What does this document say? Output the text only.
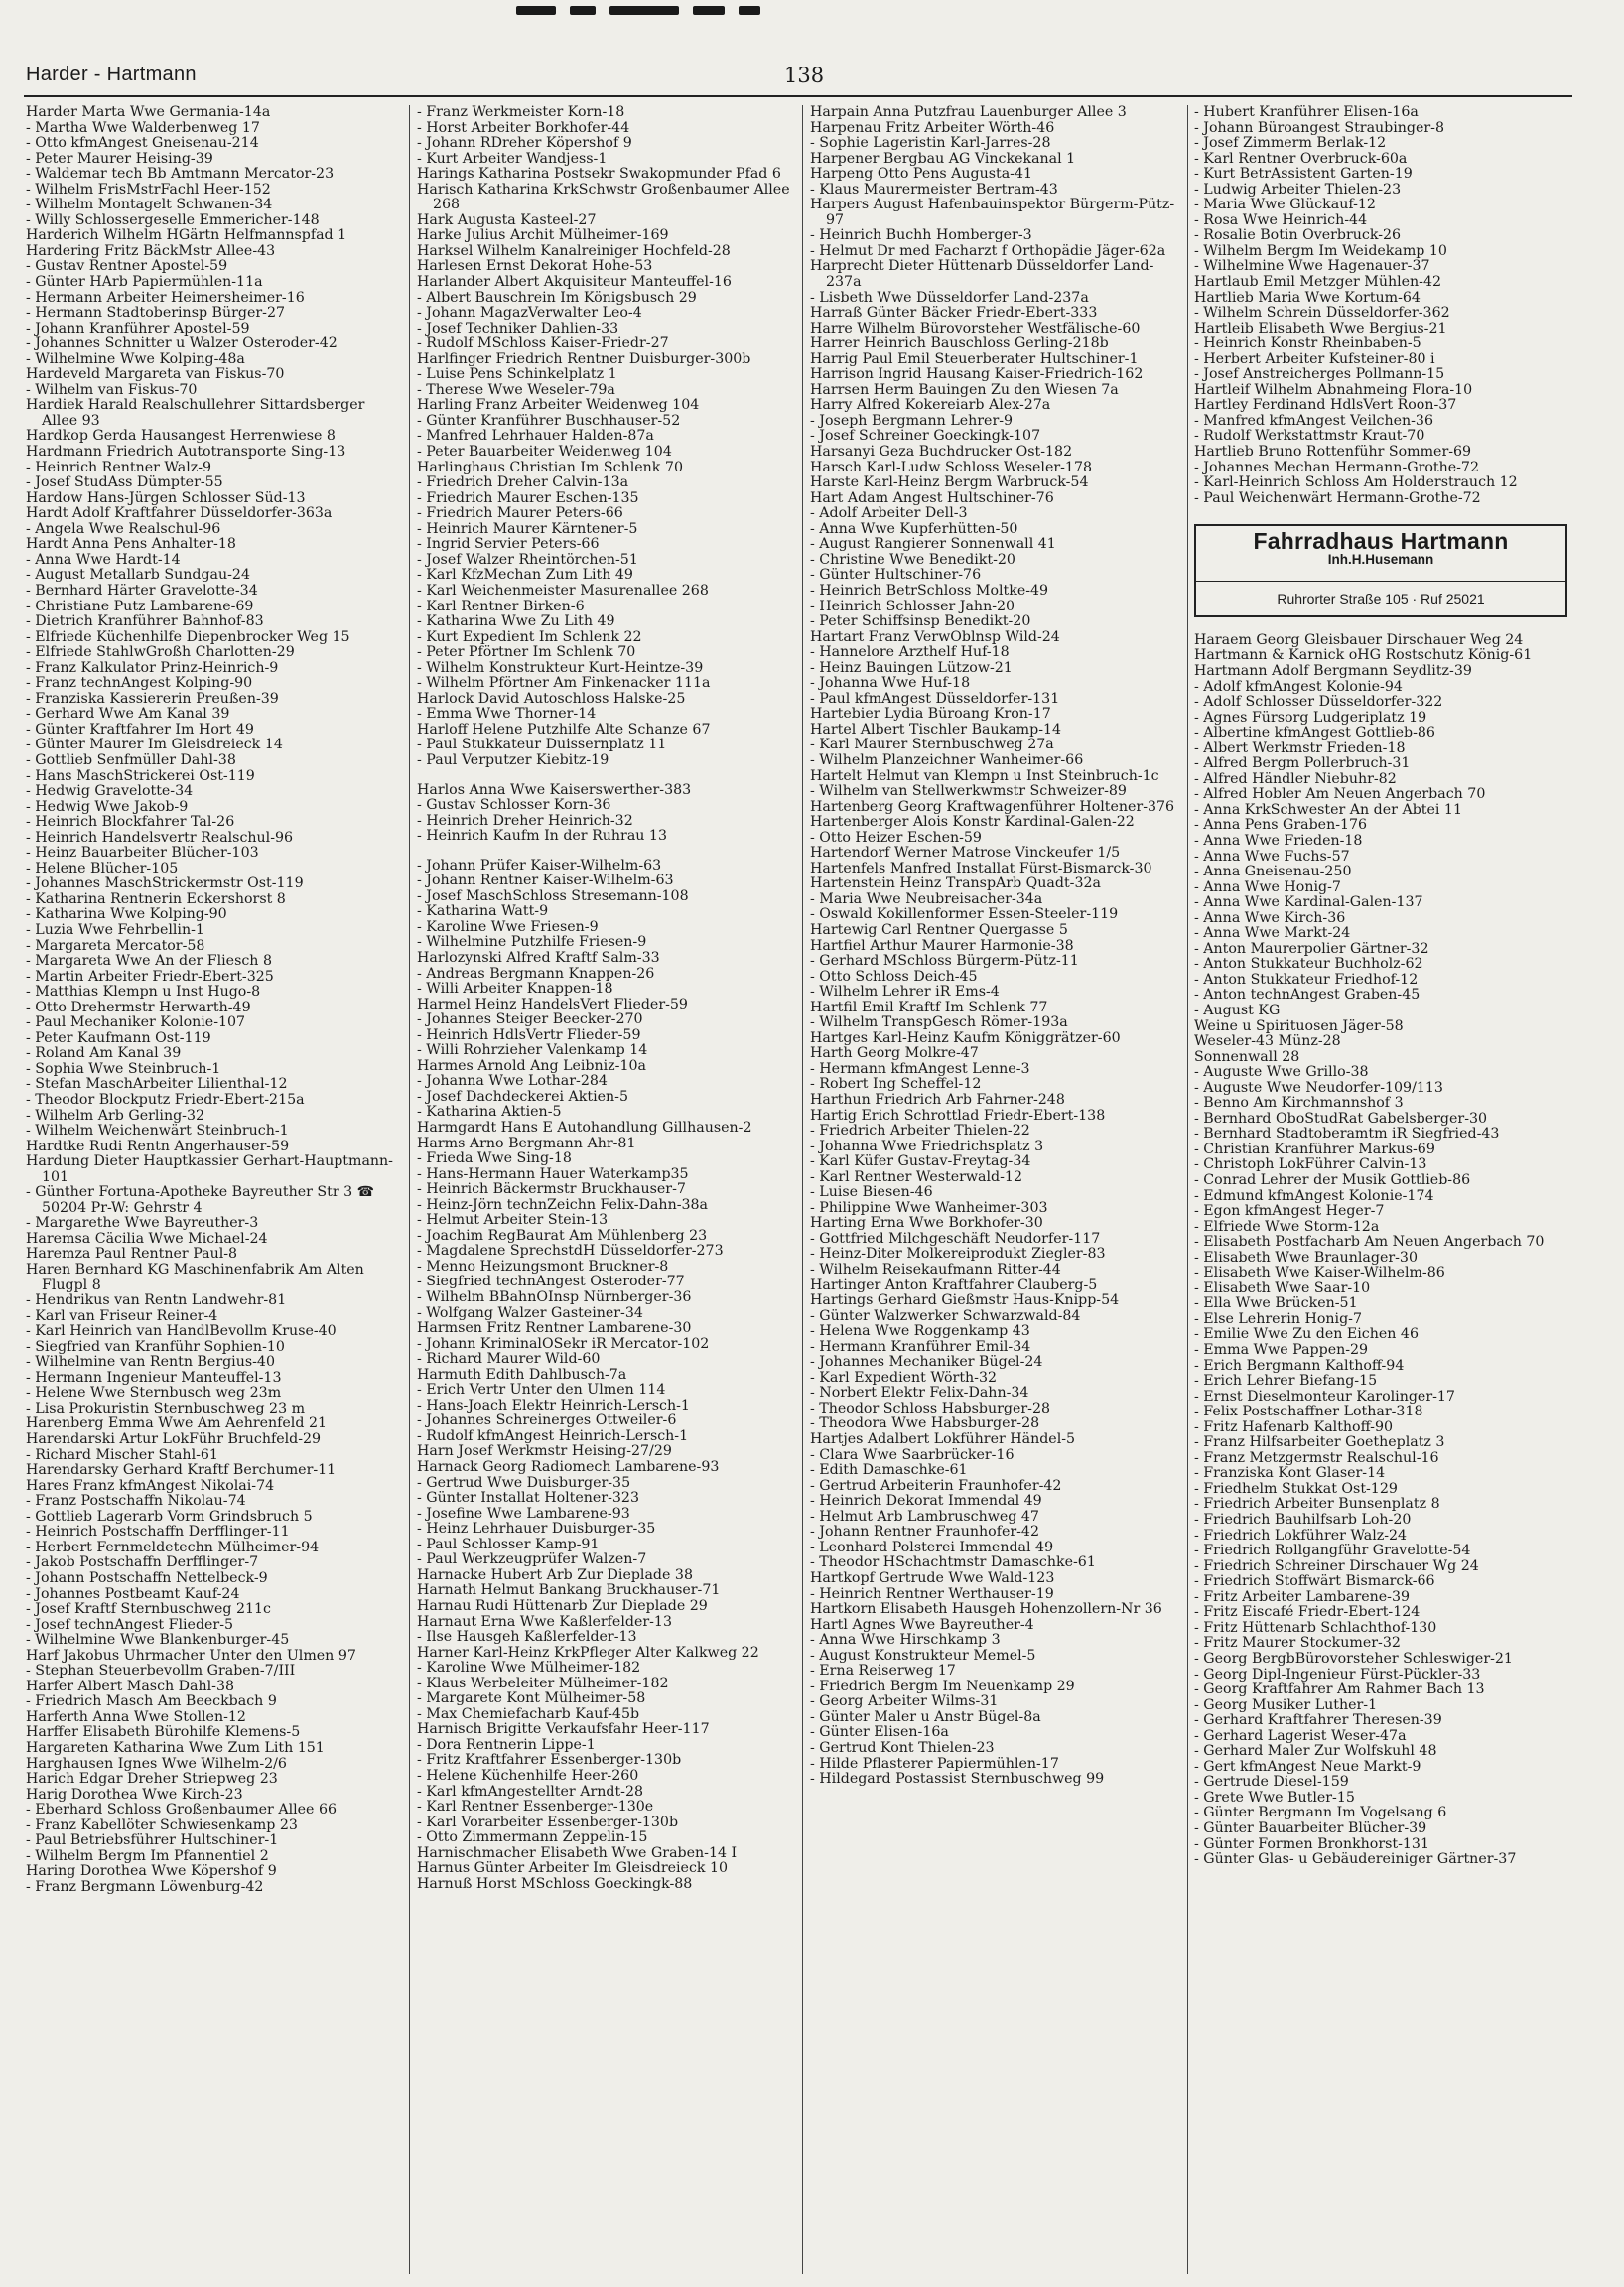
Harder - Hartmann	138
Harder Marta Wwe Germania-14a
- Martha Wwe Walderbenweg 17
- Otto kfmAngest Gneisenau-214
- Peter Maurer Heising-39
- Waldemar tech Bb Amtmann Mercator-23
- Wilhelm FrisMstrFachl Heer-152
- Wilhelm Montagelt Schwanen-34
- Willy Schlossergeselle Emmericher-148
Harderich Wilhelm HGärtn Helfmannspfad 1
Hardering Fritz BäckMstr Allee-43
- Gustav Rentner Apostel-59
- Günter HArb Papiermühlen-11a
- Hermann Arbeiter Heimersheimer-16
- Hermann Stadtoberinsp Bürger-27
- Johann Kranführer Apostel-59
- Johannes Schnitter u Walzer Osteroder-42
- Wilhelmine Wwe Kolping-48a
Hardeveld Margareta van Fiskus-70
- Wilhelm van Fiskus-70
Hardiek Harald Realschullehrer Sittardsberger Allee 93
Hardkop Gerda Hausangest Herrenwiese 8
Hardmann Friedrich Autotransporte Sing-13
- Heinrich Rentner Walz-9
- Josef StudAss Dümpter-55
Hardow Hans-Jürgen Schlosser Süd-13
Hardt Adolf Kraftfahrer Düsseldorfer-363a
- Angela Wwe Realschul-96
Hardt Anna Pens Anhalter-18
- Anna Wwe Hardt-14
- August Metallarb Sundgau-24
- Bernhard Härter Gravelotte-34
- Christiane Putz Lambarene-69
- Dietrich Kranführer Bahnhof-83
- Elfriede Küchenhilfe Diepenbrocker Weg 15
- Elfriede StahlwGroßh Charlotten-29
- Franz Kalkulator Prinz-Heinrich-9
- Franz technAngest Kolping-90
- Franziska Kassiererin Preußen-39
- Gerhard Wwe Am Kanal 39
- Günter Kraftfahrer Im Hort 49
- Günter Maurer Im Gleisdreieck 14
- Gottlieb Senfmüller Dahl-38
- Hans MaschStrickerei Ost-119
- Hedwig Gravelotte-34
- Hedwig Wwe Jakob-9
- Heinrich Blockfahrer Tal-26
- Heinrich Handelsvertr Realschul-96
- Heinz Bauarbeiter Blücher-103
- Helene Blücher-105
- Johannes MaschStrickermstr Ost-119
- Katharina Rentnerin Eckershorst 8
- Katharina Wwe Kolping-90
- Luzia Wwe Fehrbellin-1
- Margareta Mercator-58
- Margareta Wwe An der Fliesch 8
- Martin Arbeiter Friedr-Ebert-325
- Matthias Klempn u Inst Hugo-8
- Otto Drehermstr Herwarth-49
- Paul Mechaniker Kolonie-107
- Peter Kaufmann Ost-119
- Roland Am Kanal 39
- Sophia Wwe Steinbruch-1
- Stefan MaschArbeiter Lilienthal-12
- Theodor Blockputz Friedr-Ebert-215a
- Wilhelm Arb Gerling-32
- Wilhelm Weichenwärt Steinbruch-1
Hardtke Rudi Rentn Angerhauser-59
Hardung Dieter Hauptkassier Gerhart-Hauptmann-101
- Günther Fortuna-Apotheke Bayreuther Str 3 ☎ 50204 Pr-W: Gehrstr 4
- Margarethe Wwe Bayreuther-3
Haremsa Cäcilia Wwe Michael-24
Haremza Paul Rentner Paul-8
Haren Bernhard KG Maschinenfabrik Am Alten Flugpl 8
- Hendrikus van Rentn Landwehr-81
- Karl van Friseur Reiner-4
- Karl Heinrich van HandlBevollm Kruse-40
- Siegfried van Kranführ Sophien-10
- Wilhelmine van Rentn Bergius-40
- Hermann Ingenieur Manteuffel-13
- Helene Wwe Sternbusch weg 23m
- Lisa Prokuristin Sternbuschweg 23 m
Harenberg Emma Wwe Am Aehrenfeld 21
Harendarski Artur LokFühr Bruchfeld-29
- Richard Mischer Stahl-61
Harendarsky Gerhard Kraftf Berchumer-11
Hares Franz kfmAngest Nikolai-74
- Franz Postschaffn Nikolau-74
- Gottlieb Lagerarb Vorm Grindsbruch 5
- Heinrich Postschaffn Derfflinger-11
- Herbert Fernmeldetechn Mülheimer-94
- Jakob Postschaffn Derfflinger-7
- Johann Postschaffn Nettelbeck-9
- Johannes Postbeamt Kauf-24
- Josef Kraftf Sternbuschweg 211c
- Josef technAngest Flieder-5
- Wilhelmine Wwe Blankenburger-45
Harf Jakobus Uhrmacher Unter den Ulmen 97
- Stephan Steuerbevollm Graben-7/III
Harfer Albert Masch Dahl-38
- Friedrich Masch Am Beeckbach 9
Harferth Anna Wwe Stollen-12
Harffer Elisabeth Bürohilfe Klemens-5
Hargareten Katharina Wwe Zum Lith 151
Harghausen Ignes Wwe Wilhelm-2/6
Harich Edgar Dreher Striepweg 23
Harig Dorothea Wwe Kirch-23
- Eberhard Schloss Großenbaumer Allee 66
- Franz Kabellöter Schwiesenkamp 23
- Paul Betriebsführer Hultschiner-1
- Wilhelm Bergm Im Pfannentiel 2
Haring Dorothea Wwe Köpershof 9
- Franz Bergmann Löwenburg-42
- Franz Werkmeister Korn-18
- Horst Arbeiter Borkhofer-44
- Johann RDreher Köpershof 9
- Kurt Arbeiter Wandjess-1
Harings Katharina Postsekr Swakopmunder Pfad 6
Harisch Katharina KrkSchwstr Großenbaumer Allee 268
Hark Augusta Kasteel-27
Harke Julius Archit Mülheimer-169
Harksel Wilhelm Kanalreiniger Hochfeld-28
Harlesen Ernst Dekorat Hohe-53
Harlander Albert Akquisiteur Manteuffel-16
- Albert Bauschrein Im Königsbusch 29
- Johann MagazVerwalter Leo-4
- Josef Techniker Dahlien-33
- Rudolf MSchloss Kaiser-Friedr-27
Harlfinger Friedrich Rentner Duisburger-300b
- Luise Pens Schinkelplatz 1
- Therese Wwe Weseler-79a
Harling Franz Arbeiter Weidenweg 104
- Günter Kranführer Buschhauser-52
- Manfred Lehrhauer Halden-87a
- Peter Bauarbeiter Weidenweg 104
Harlinghaus Christian Im Schlenk 70
- Friedrich Dreher Calvin-13a
- Friedrich Maurer Eschen-135
- Friedrich Maurer Peters-66
- Heinrich Maurer Kärntener-5
- Ingrid Servier Peters-66
- Josef Walzer Rheintörchen-51
- Karl KfzMechan Zum Lith 49
- Karl Weichenmeister Masurenallee 268
- Karl Rentner Birken-6
- Katharina Wwe Zu Lith 49
- Kurt Expedient Im Schlenk 22
- Peter Pförtner Im Schlenk 70
- Wilhelm Konstrukteur Kurt-Heintze-39
- Wilhelm Pförtner Am Finkenacker 111a
Harlock David Autoschloss Halske-25
- Emma Wwe Thorner-14
Harloff Helene Putzhilfe Alte Schanze 67
- Paul Stukkateur Duissernplatz 11
- Paul Verputzer Kiebitz-19
Harlos Anna Wwe Kaiserswerther-383
- Gustav Schlosser Korn-36
- Heinrich Dreher Heinrich-32
- Heinrich Kaufm In der Ruhrau 13
- Johann Prüfer Kaiser-Wilhelm-63
- Johann Rentner Kaiser-Wilhelm-63
- Josef MaschSchloss Stresemann-108
- Katharina Watt-9
- Karoline Wwe Friesen-9
- Wilhelmine Putzhilfe Friesen-9
Harlozynski Alfred Kraftf Salm-33
- Andreas Bergmann Knappen-26
- Willi Arbeiter Knappen-18
Harmel Heinz HandelsVert Flieder-59
- Johannes Steiger Beecker-270
- Heinrich HdlsVertr Flieder-59
- Willi Rohrzieher Valenkamp 14
Harmes Arnold Ang Leibniz-10a
- Johanna Wwe Lothar-284
- Josef Dachdeckerei Aktien-5
- Katharina Aktien-5
Harmgardt Hans E Autohandlung Gillhausen-2
Harms Arno Bergmann Ahr-81
- Frieda Wwe Sing-18
- Hans-Hermann Hauer Waterkamp35
- Heinrich Bäckermstr Bruckhauser-7
- Heinz-Jörn technZeichn Felix-Dahn-38a
- Helmut Arbeiter Stein-13
- Joachim RegBaurat Am Mühlenberg 23
- Magdalene SprechstdH Düsseldorfer-273
- Menno Heizungsmont Bruckner-8
- Siegfried technAngest Osteroder-77
- Wilhelm BBahnOInsp Nürnberger-36
- Wolfgang Walzer Gasteiner-34
Harmsen Fritz Rentner Lambarene-30
- Johann KriminalOSekr iR Mercator-102
- Richard Maurer Wild-60
Harmuth Edith Dahlbusch-7a
- Erich Vertr Unter den Ulmen 114
- Hans-Joach Elektr Heinrich-Lersch-1
- Johannes Schreinerges Ottweiler-6
- Rudolf kfmAngest Heinrich-Lersch-1
Harn Josef Werkmstr Heising-27/29
Harnack Georg Radiomech Lambarene-93
- Gertrud Wwe Duisburger-35
- Günter Installat Holtener-323
- Josefine Wwe Lambarene-93
- Heinz Lehrhauer Duisburger-35
- Paul Schlosser Kamp-91
- Paul Werkzeugprüfer Walzen-7
Harnacke Hubert Arb Zur Dieplade 38
Harnath Helmut Bankang Bruckhauser-71
Harnau Rudi Hüttenarb Zur Dieplade 29
Harnaut Erna Wwe Kaßlerfelder-13
- Ilse Hausgeh Kaßlerfelder-13
Harner Karl-Heinz KrkPfleger Alter Kalkweg 22
- Karoline Wwe Mülheimer-182
- Klaus Werbeleiter Mülheimer-182
- Margarete Kont Mülheimer-58
- Max Chemiefacharb Kauf-45b
Harnisch Brigitte Verkaufsfahr Heer-117
- Dora Rentnerin Lippe-1
- Fritz Kraftfahrer Essenberger-130b
- Helene Küchenhilfe Heer-260
- Karl kfmAngestellter Arndt-28
- Karl Rentner Essenberger-130e
- Karl Vorarbeiter Essenberger-130b
- Otto Zimmermann Zeppelin-15
Harnischmacher Elisabeth Wwe Graben-14 I
Harnus Günter Arbeiter Im Gleisdreieck 10
Harnuß Horst MSchloss Goeckingk-88
Harpain Anna Putzfrau Lauenburger Allee 3
Harpenau Fritz Arbeiter Wörth-46
- Sophie Lageristin Karl-Jarres-28
Harpener Bergbau AG Vinckekanal 1
Harpeng Otto Pens Augusta-41
- Klaus Maurermeister Bertram-43
Harpers August Hafenbauinspektor Bürgerm-Pütz-97
- Heinrich Buchh Homberger-3
- Helmut Dr med Facharzt f Orthopädie Jäger-62a
Harprecht Dieter Hüttenarb Düsseldorfer Land-237a
- Lisbeth Wwe Düsseldorfer Land-237a
Harraß Günter Bäcker Friedr-Ebert-333
Harre Wilhelm Bürovorsteher Westfälische-60
Harrer Heinrich Bauschloss Gerling-218b
Harrig Paul Emil Steuerberater Hultschiner-1
Harrison Ingrid Hausang Kaiser-Friedrich-162
Harrsen Herm Bauingen Zu den Wiesen 7a
Harry Alfred Kokereiarb Alex-27a
- Joseph Bergmann Lehrer-9
- Josef Schreiner Goeckingk-107
Harsanyi Geza Buchdrucker Ost-182
Harsch Karl-Ludw Schloss Weseler-178
Harste Karl-Heinz Bergm Warbruck-54
Hart Adam Angest Hultschiner-76
- Adolf Arbeiter Dell-3
- Anna Wwe Kupferhütten-50
- August Rangierer Sonnenwall 41
- Christine Wwe Benedikt-20
- Günter Hultschiner-76
- Heinrich BetrSchloss Moltke-49
- Heinrich Schlosser Jahn-20
- Peter Schiffsinsp Benedikt-20
Hartart Franz VerwOblnsp Wild-24
- Hannelore Arzthelf Huf-18
- Heinz Bauingen Lützow-21
- Johanna Wwe Huf-18
- Paul kfmAngest Düsseldorfer-131
Hartebier Lydia Büroang Kron-17
Hartel Albert Tischler Baukamp-14
- Karl Maurer Sternbuschweg 27a
- Wilhelm Planzeichner Wanheimer-66
Hartelt Helmut van Klempn u Inst Steinbruch-1c
- Wilhelm van Stellwerkwmstr Schweizer-89
Hartenberg Georg Kraftwagenführer Holtener-376
Hartenberger Alois Konstr Kardinal-Galen-22
- Otto Heizer Eschen-59
Hartendorf Werner Matrose Vinckeufer 1/5
Hartenfels Manfred Installat Fürst-Bismarck-30
Hartenstein Heinz TranspArb Quadt-32a
- Maria Wwe Neubreisacher-34a
- Oswald Kokillenformer Essen-Steeler-119
Hartewig Carl Rentner Quergasse 5
Hartfiel Arthur Maurer Harmonie-38
- Gerhard MSchloss Bürgerm-Pütz-11
- Otto Schloss Deich-45
- Wilhelm Lehrer iR Ems-4
Hartfil Emil Kraftf Im Schlenk 77
- Wilhelm TranspGesch Römer-193a
Hartges Karl-Heinz Kaufm Königgrätzer-60
Harth Georg Molkre-47
- Hermann kfmAngest Lenne-3
- Robert Ing Scheffel-12
Harthun Friedrich Arb Fahrner-248
Hartig Erich Schrottlad Friedr-Ebert-138
- Friedrich Arbeiter Thielen-22
- Johanna Wwe Friedrichsplatz 3
- Karl Küfer Gustav-Freytag-34
- Karl Rentner Westerwald-12
- Luise Biesen-46
- Philippine Wwe Wanheimer-303
Harting Erna Wwe Borkhofer-30
- Gottfried Milchgeschäft Neudorfer-117
- Heinz-Diter Molkereiprodukt Ziegler-83
- Wilhelm Reisekaufmann Ritter-44
Hartinger Anton Kraftfahrer Clauberg-5
Hartings Gerhard Gießmstr Haus-Knipp-54
- Günter Walzwerker Schwarzwald-84
- Helena Wwe Roggenkamp 43
- Hermann Kranführer Emil-34
- Johannes Mechaniker Bügel-24
- Karl Expedient Wörth-32
- Norbert Elektr Felix-Dahn-34
- Theodor Schloss Habsburger-28
- Theodora Wwe Habsburger-28
Hartjes Adalbert Lokführer Händel-5
- Clara Wwe Saarbrücker-16
- Edith Damaschke-61
- Gertrud Arbeiterin Fraunhofer-42
- Heinrich Dekorat Immendal 49
- Helmut Arb Lambruschweg 47
- Johann Rentner Fraunhofer-42
- Leonhard Polsterei Immendal 49
- Theodor HSchachtmstr Damaschke-61
Hartkopf Gertrude Wwe Wald-123
- Heinrich Rentner Werthauser-19
Hartkorn Elisabeth Hausgeh Hohenzollern-Nr 36
Hartl Agnes Wwe Bayreuther-4
- Anna Wwe Hirschkamp 3
- August Konstrukteur Memel-5
- Erna Reiserweg 17
- Friedrich Bergm Im Neuenkamp 29
- Georg Arbeiter Wilms-31
- Günter Maler u Anstr Bügel-8a
- Günter Elisen-16a
- Gertrud Kont Thielen-23
- Hilde Pflasterer Papiermühlen-17
- Hildegard Postassist Sternbuschweg 99
- Hubert Kranführer Elisen-16a
- Johann Büroangest Straubinger-8
- Josef Zimmerm Berlak-12
- Karl Rentner Overbruck-60a
- Kurt BetrAssistent Garten-19
- Ludwig Arbeiter Thielen-23
- Maria Wwe Glückauf-12
- Rosa Wwe Heinrich-44
- Rosalie Botin Overbruck-26
- Wilhelm Bergm Im Weidekamp 10
- Wilhelmine Wwe Hagenauer-37
Hartlaub Emil Metzger Mühlen-42
Hartlieb Maria Wwe Kortum-64
- Wilhelm Schrein Düsseldorfer-362
Hartleib Elisabeth Wwe Bergius-21
- Heinrich Konstr Rheinbaben-5
- Herbert Arbeiter Kufsteiner-80 i
- Josef Anstreicherges Pollmann-15
Hartleif Wilhelm Abnahmeing Flora-10
Hartley Ferdinand HdlsVert Roon-37
- Manfred kfmAngest Veilchen-36
- Rudolf Werkstattmstr Kraut-70
Hartlieb Bruno Rottenführ Sommer-69
- Johannes Mechan Hermann-Grothe-72
- Karl-Heinrich Schloss Am Holderstrauch 12
- Paul Weichenwärt Hermann-Grothe-72
Fahrradhaus Hartmann
Inh.H.Husemann
Ruhrorter Straße 105 · Ruf 25021
Haraem Georg Gleisbauer Dirschauer Weg 24
Hartmann & Karnick oHG Rostschutz König-61
Hartmann Adolf Bergmann Seydlitz-39
- Adolf kfmAngest Kolonie-94
- Adolf Schlosser Düsseldorfer-322
- Agnes Fürsorg Ludgeriplatz 19
- Albertine kfmAngest Gottlieb-86
- Albert Werkmstr Frieden-18
- Alfred Bergm Pollerbruch-31
- Alfred Händler Niebuhr-82
- Alfred Hobler Am Neuen Angerbach 70
- Anna KrkSchwester An der Abtei 11
- Anna Pens Graben-176
- Anna Wwe Frieden-18
- Anna Wwe Fuchs-57
- Anna Gneisenau-250
- Anna Wwe Honig-7
- Anna Wwe Kardinal-Galen-137
- Anna Wwe Kirch-36
- Anna Wwe Markt-24
- Anton Maurerpolier Gärtner-32
- Anton Stukkateur Buchholz-62
- Anton Stukkateur Friedhof-12
- Anton technAngest Graben-45
- August KG
Weine u Spirituosen Jäger-58
Weseler-43 Münz-28
Sonnenwall 28
- Auguste Wwe Grillo-38
- Auguste Wwe Neudorfer-109/113
- Benno Am Kirchmannshof 3
- Bernhard OboStudRat Gabelsberger-30
- Bernhard Stadtoberamtm iR Siegfried-43
- Christian Kranführer Markus-69
- Christoph LokFührer Calvin-13
- Conrad Lehrer der Musik Gottlieb-86
- Edmund kfmAngest Kolonie-174
- Egon kfmAngest Heger-7
- Elfriede Wwe Storm-12a
- Elisabeth Postfacharb Am Neuen Angerbach 70
- Elisabeth Wwe Braunlager-30
- Elisabeth Wwe Kaiser-Wilhelm-86
- Elisabeth Wwe Saar-10
- Ella Wwe Brücken-51
- Else Lehrerin Honig-7
- Emilie Wwe Zu den Eichen 46
- Emma Wwe Pappen-29
- Erich Bergmann Kalthoff-94
- Erich Lehrer Biefang-15
- Ernst Dieselmonteur Karolinger-17
- Felix Postschaffner Lothar-318
- Fritz Hafenarb Kalthoff-90
- Franz Hilfsarbeiter Goetheplatz 3
- Franz Metzgermstr Realschul-16
- Franziska Kont Glaser-14
- Friedhelm Stukkat Ost-129
- Friedrich Arbeiter Bunsenplatz 8
- Friedrich Bauhilfsarb Loh-20
- Friedrich Lokführer Walz-24
- Friedrich Rollgangführ Gravelotte-54
- Friedrich Schreiner Dirschauer Wg 24
- Friedrich Stoffwärt Bismarck-66
- Fritz Arbeiter Lambarene-39
- Fritz Eiscafé Friedr-Ebert-124
- Fritz Hüttenarb Schlachthof-130
- Fritz Maurer Stockumer-32
- Georg BergbBürovorsteher Schleswiger-21
- Georg Dipl-Ingenieur Fürst-Pückler-33
- Georg Kraftfahrer Am Rahmer Bach 13
- Georg Musiker Luther-1
- Gerhard Kraftfahrer Theresen-39
- Gerhard Lagerist Weser-47a
- Gerhard Maler Zur Wolfskuhl 48
- Gert kfmAngest Neue Markt-9
- Gertrude Diesel-159
- Grete Wwe Butler-15
- Günter Bergmann Im Vogelsang 6
- Günter Bauarbeiter Blücher-39
- Günter Formen Bronkhorst-131
- Günter Glas- u Gebäudereiniger Gärtner-37
